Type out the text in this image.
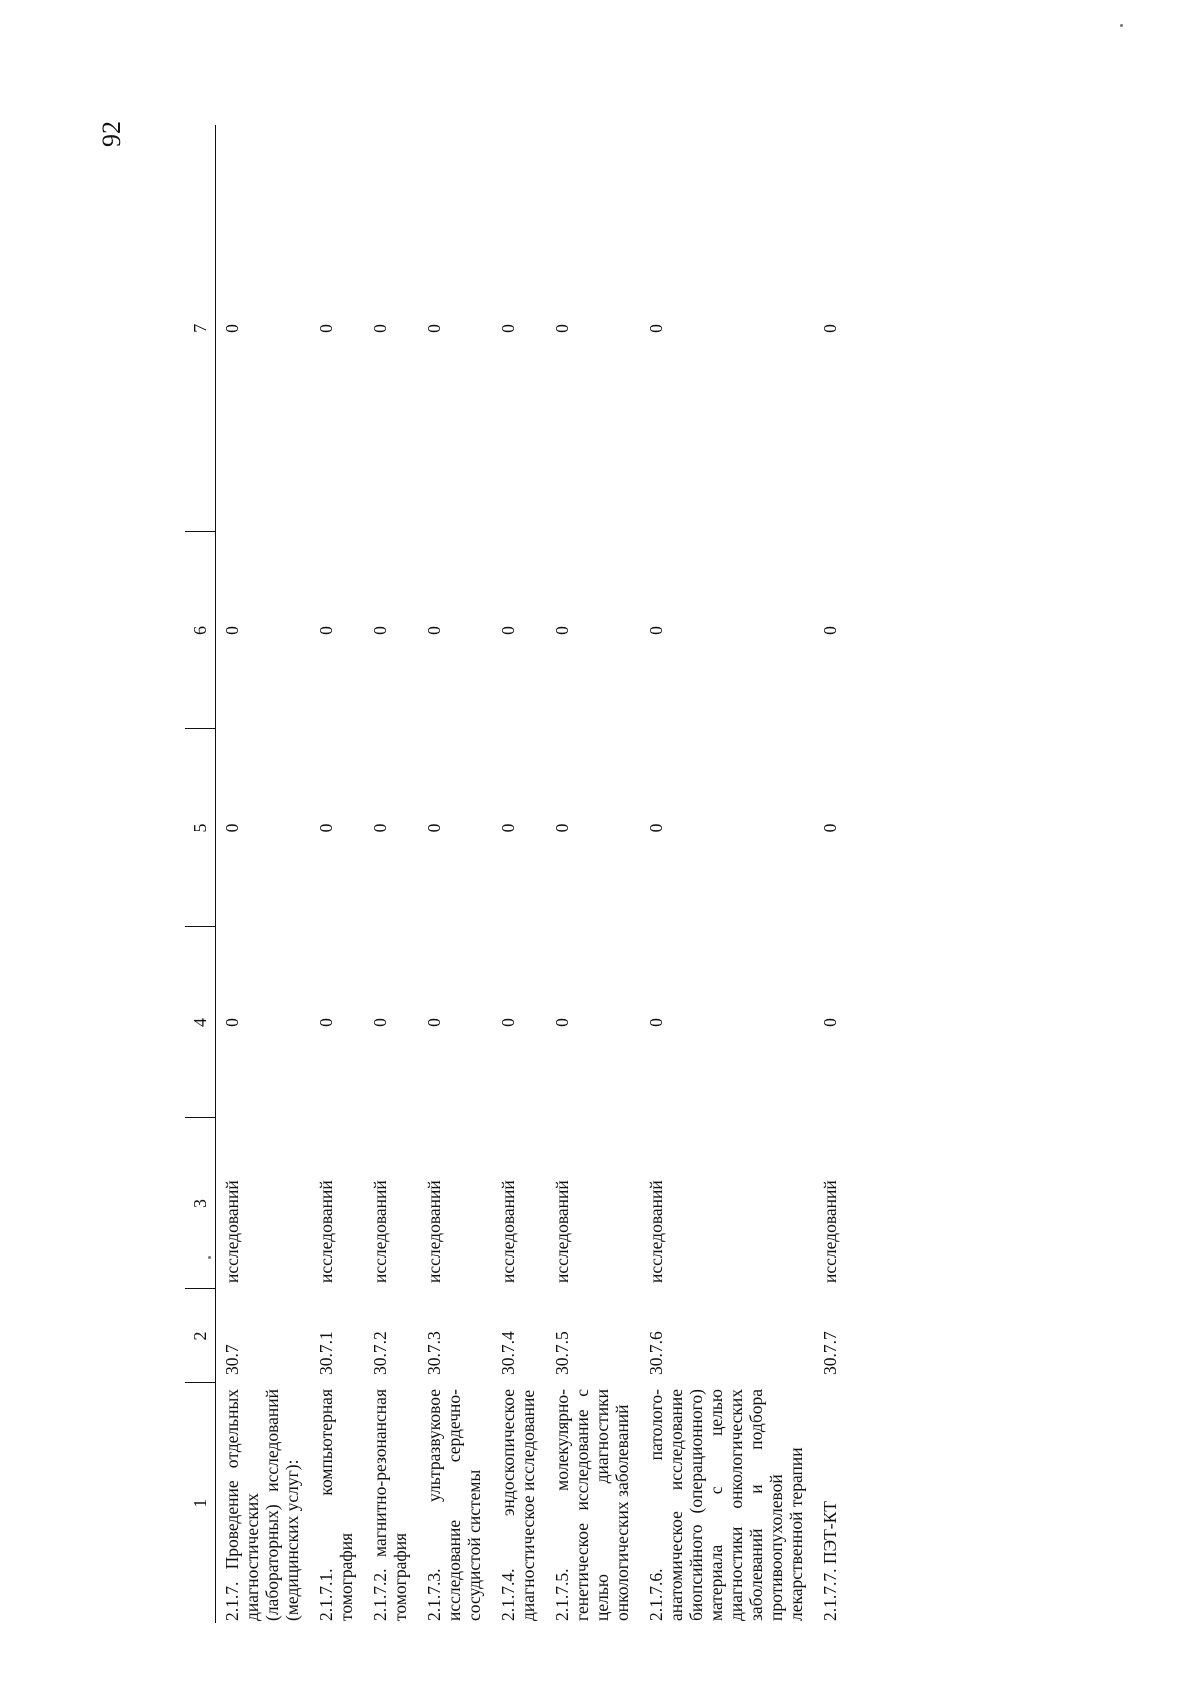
92
1	2	3	4	5	6	7
2.1.7. Проведение отдельных диагностических (лабораторных) исследований (медицинских услуг):	30.7	исследований	0	0	0	0
2.1.7.1. компьютерная томография	30.7.1	исследований	0	0	0	0
2.1.7.2. магнитно-резонансная томография	30.7.2	исследований	0	0	0	0
2.1.7.3. ультразвуковое исследование сердечно-сосудистой системы	30.7.3	исследований	0	0	0	0
2.1.7.4. эндоскопическое диагностическое исследование	30.7.4	исследований	0	0	0	0
2.1.7.5. молекулярно-генетическое исследование с целью диагностики онкологических заболеваний	30.7.5	исследований	0	0	0	0
2.1.7.6. патолого-анатомическое исследование биопсийного (операционного) материала с целью диагностики онкологических заболеваний и подбора противоопухолевой лекарственной терапии	30.7.6	исследований	0	0	0	0
2.1.7.7. ПЭТ-КТ	30.7.7	исследований	0	0	0	0
